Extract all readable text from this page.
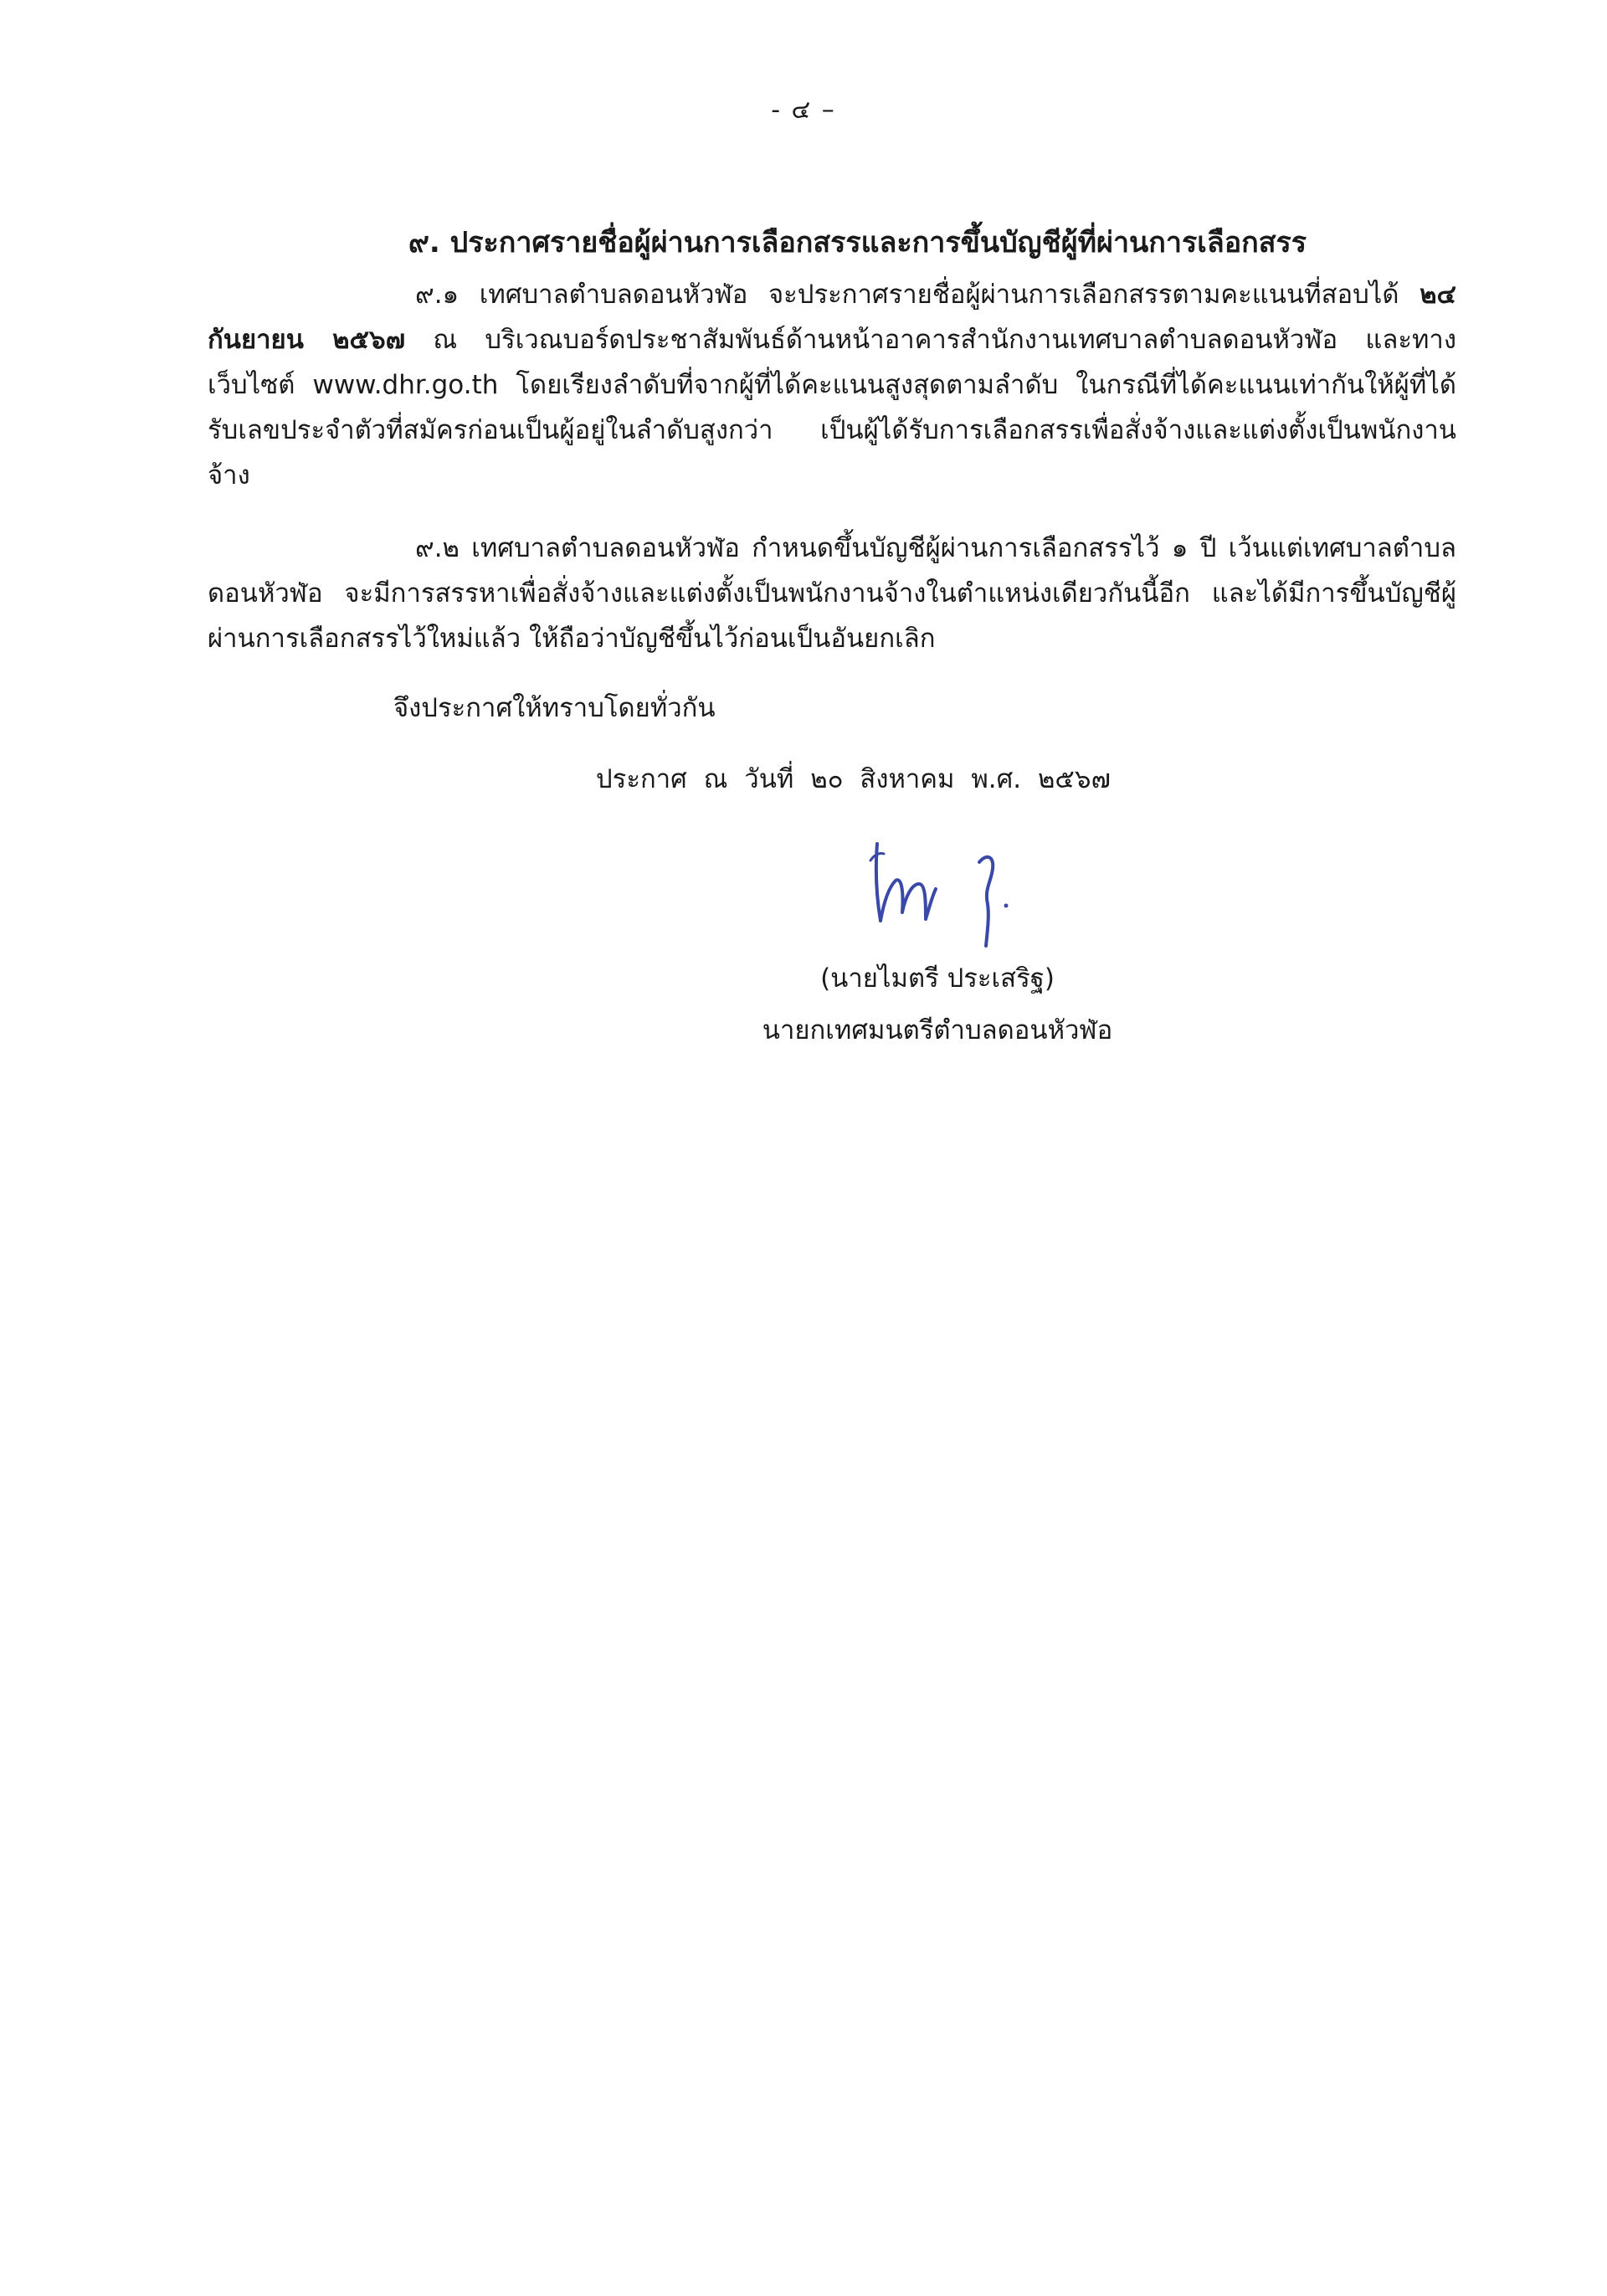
- ๔ –
๙. ประกาศรายชื่อผู้ผ่านการเลือกสรรและการขึ้นบัญชีผู้ที่ผ่านการเลือกสรร
๙.๑ เทศบาลตำบลดอนหัวฬ่อ จะประกาศรายชื่อผู้ผ่านการเลือกสรรตามคะแนนที่สอบได้ ๒๔ กันยายน ๒๕๖๗ ณ บริเวณบอร์ดประชาสัมพันธ์ด้านหน้าอาคารสำนักงานเทศบาลตำบลดอนหัวฬ่อ และทางเว็บไซต์ www.dhr.go.th โดยเรียงลำดับที่จากผู้ที่ได้คะแนนสูงสุดตามลำดับ ในกรณีที่ได้คะแนนเท่ากันให้ผู้ที่ได้รับเลขประจำตัวที่สมัครก่อนเป็นผู้อยู่ในลำดับสูงกว่า เป็นผู้ได้รับการเลือกสรรเพื่อสั่งจ้างและแต่งตั้งเป็นพนักงานจ้าง
๙.๒ เทศบาลตำบลดอนหัวฬ่อ กำหนดขึ้นบัญชีผู้ผ่านการเลือกสรรไว้ ๑ ปี เว้นแต่เทศบาลตำบลดอนหัวฬ่อ จะมีการสรรหาเพื่อสั่งจ้างและแต่งตั้งเป็นพนักงานจ้างในตำแหน่งเดียวกันนี้อีก และได้มีการขึ้นบัญชีผู้ผ่านการเลือกสรรไว้ใหม่แล้ว ให้ถือว่าบัญชีขึ้นไว้ก่อนเป็นอันยกเลิก
จึงประกาศให้ทราบโดยทั่วกัน
ประกาศ ณ วันที่ ๒๐ สิงหาคม พ.ศ. ๒๕๖๗
(นายไมตรี ประเสริฐ)
นายกเทศมนตรีตำบลดอนหัวฬ่อ
